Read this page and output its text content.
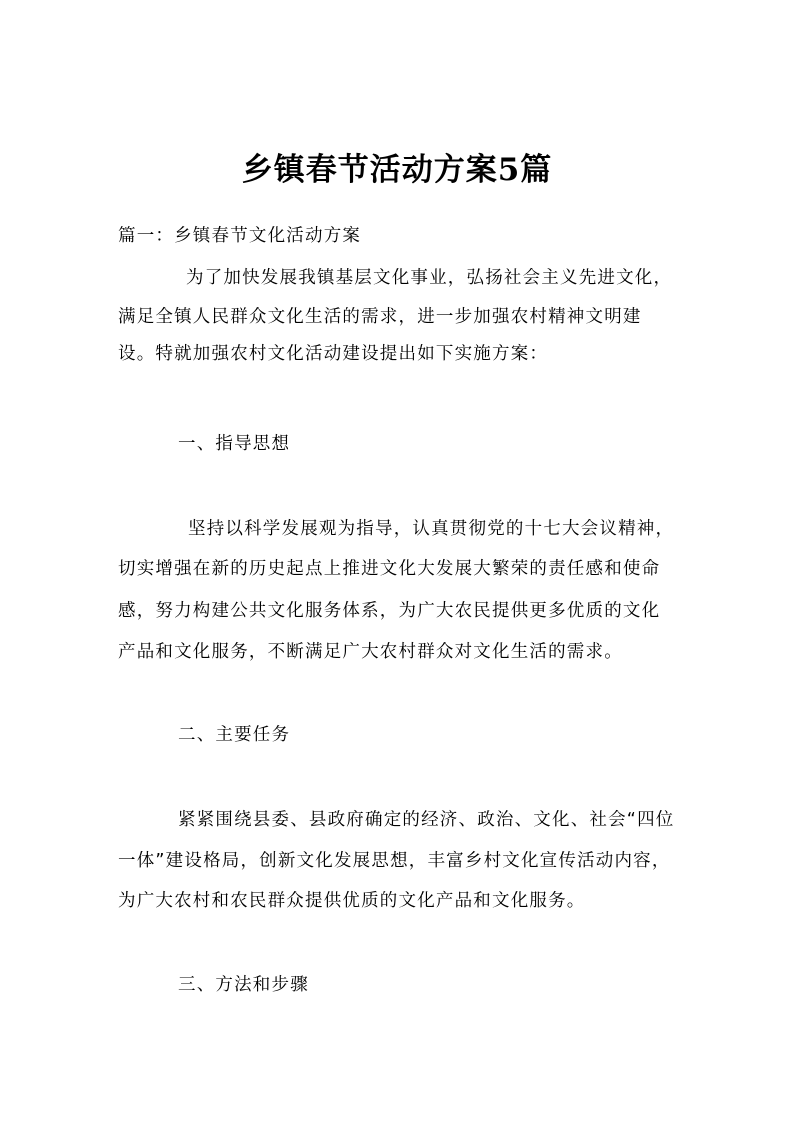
乡镇春节活动方案5篇
篇一：乡镇春节文化活动方案
为了加快发展我镇基层文化事业，弘扬社会主义先进文化，
满足全镇人民群众文化生活的需求，进一步加强农村精神文明建
设。特就加强农村文化活动建设提出如下实施方案：
一、指导思想
坚持以科学发展观为指导，认真贯彻党的十七大会议精神，
切实增强在新的历史起点上推进文化大发展大繁荣的责任感和使命
感，努力构建公共文化服务体系，为广大农民提供更多优质的文化
产品和文化服务，不断满足广大农村群众对文化生活的需求。
二、主要任务
紧紧围绕县委、县政府确定的经济、政治、文化、社会“四位
一体”建设格局，创新文化发展思想，丰富乡村文化宣传活动内容，
为广大农村和农民群众提供优质的文化产品和文化服务。
三、方法和步骤
